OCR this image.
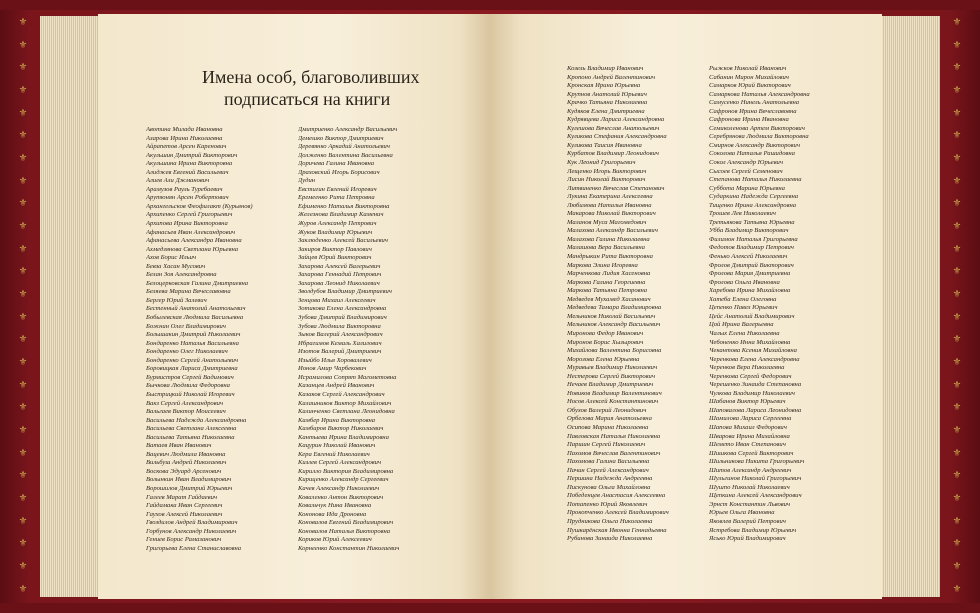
⚜
⚜
⚜
⚜
⚜
⚜
⚜
⚜
⚜
⚜
⚜
⚜
⚜
⚜
⚜
⚜
⚜
⚜
⚜
⚜
⚜
⚜
⚜
⚜
⚜
⚜
⚜
⚜
⚜
⚜
⚜
⚜
⚜
⚜
⚜
⚜
⚜
⚜
⚜
⚜
⚜
⚜
⚜
⚜
⚜
⚜
⚜
⚜
⚜
⚜
⚜
⚜
Имена особ, благоволивших
подписаться на книги
Авотина Милада Ивановна
Азарова Ирина Николаевна
Айрапетов Арсен Каренович
Акульшин Дмитрий Викторович
Акульшина Ирина Викторовна
Алиджев Евгений Васильевич
Алиев Али Джманович
Арамузов Рауль Туребаевич
Арутюнян Арсен Робертович
Архангельсков Феофилакт (Курьянов)
Архипенко Сергей Григорьевич
Архипова Ирина Викторовна
Афанасьев Иван Александрович
Афанасьева Александра Ивановна
Ахмедзянова Светлана Юрьевна
Ахов Борис Ильич
Бевза Хасан Мусович
Белан Зоя Александровна
Белоцерковская Галина Дмитриевна
Беляева Марина Вячеславовна
Бергер Юрий Залевич
Бестенный Анатолий Анатольевич
Бобылевская Людмила Васильевна
Божнин Олег Владимирович
Болышакин Дмитрий Николаевич
Бондаренко Наталья Васильевна
Бондаренко Олег Николаевич
Бондаренко Сергей Анатольевич
Боровицкая Лариса Дмитриевна
Бурмистров Сергей Вадимович
Бычкова Людмила Федоровна
Быстрицкий Николай Игоревич
Вакз Сергей Александрович
Вальгаев Виктор Моисеевич
Васильева Надежда Александровна
Васильева Светлана Алексеевна
Васильева Татьяна Николаевна
Ватаев Иван Иванович
Вацевич Людмила Ивановна
Вильбуш Андрей Николаевич
Воскова Эдуард Арсенович
Волынкин Иван Владимирович
Ворошилов Дмитрий Юрьевич
Галеев Марат Гайдаевич
Гайдамака Иван Сергеевич
Гаухов Алексей Николаевич
Гвоздилов Андрей Владимирович
Горбунов Александр Николаевич
Гениев Борис Рамазанович
Григорьева Елена Станиславовна
Дмитриенко Александр Васильевич
Демешко Виктор Дмитриевич
Деревянко Аркадий Анатольевич
Долженко Валентина Васильевна
Доричева Галина Ивановна
Драховский Игорь Борисович
Дудин
Евстигин Евгений Игоревич
Еремеенко Рита Петровна
Ефименко Наталья Викторовна
Железнова Владимир Каменич
Журов Александр Петрович
Жуков Владимир Юрьевич
Заклюденко Алексей Васильевич
Закиров Виктор Павлович
Зайцев Юрий Викторович
Захарова Алексей Валерьевич
Захарова Геннадий Петрович
Захарова Леонид Николаевич
Зволдубов Владимир Дмитриевич
Зенцова Михаил Алексеевич
Зотикова Елена Александровна
Зубова Дмитрий Владимирович
Зубова Людмила Викторовна
Зыков Валерий Александрович
Ибрагимов Кемаль Халилович
Изотов Валерий Дмитриевич
Изыйбо Илья Хоровалевич
Ионов Амир Чарбекович
Исрамилова Сопрят Магометовна
Казанцев Андрей Иванович
Казаков Сергей Александрович
Калашников Виктор Михайлович
Калинченко Светлана Леонидовна
Камбер Ирина Викторовна
Камбаров Виктор Николаевич
Кантыева Ирина Владимировна
Кацурин Николай Иванович
Кера Евгений Николаевич
Кизлев Сергей Александрович
Кирилло Виктория Владимировна
Кириценко Александр Сергеевич
Качев Александр Николаевич
Коваленко Антон Викторович
Ковальчук Нина Ивановна
Кононова Ида Дроновна
Коновалов Евгений Владимирович
Коновалов Наталья Викторовна
Кориков Юрий Алексеевич
Корнеенко Константин Николаевич
Козель Владимир Иванович
Кропоно Андрей Валентинович
Кронская Ирина Юрьевна
Крупнов Анатолий Юрьевич
Крачко Татьяна Николаевна
Кудяков Елена Дмитриевна
Кудрявцева Лариса Александровна
Кулешова Вячеслав Анатольевич
Куликова Стефания Александровна
Куликова Таисия Ивановна
Курбатов Владимир Леонидович
Кук Леонид Григорьевич
Лещенко Игорь Викторович
Лисин Николай Викторович
Литвиненко Вячеслав Степанович
Лукина Екатерина Алексеевна
Любимова Наталья Ивановна
Макарова Николай Викторович
Маланов Муса Магомедович
Малахова Александр Васильевич
Малахова Галина Николаевна
Малашова Вера Васильевна
Мандрыкин Рита Викторовна
Маркова Элина Игоревна
Марченкова Лидия Хасеновна
Маркова Галина Георгиевна
Маркова Татьяна Петровна
Медведев Мухамед Хасанович
Медведева Тамара Владимировна
Мельников Николай Васильевич
Мельников Александр Васильевич
Миронова Федор Иванович
Миронов Борис Хызырович
Михайлова Валентина Борисовна
Морозова Елена Юрьевна
Муравьев Владимир Николаевич
Нестерова Сергей Викторович
Нечаев Владимир Дмитриевич
Новиков Владимир Валентинович
Носов Алексей Константинович
Обухов Валерий Леонидович
Орбелова Мария Анатольевна
Осипова Марина Николаевна
Павловская Наталья Николаевна
Паршин Сергей Николаевич
Пахомов Вячеслав Валентинович
Пахомова Галина Васильевна
Пачин Сергей Александрович
Першина Надежда Андреевна
Пискунова Ольга Михайловна
Победенцев Анастасия Алексеевна
Потапенко Юрий Яковлевич
Прокопченко Алексей Владимирович
Прудникова Ольга Николаевна
Пушкарёнская Ивонна Геннадьевна
Рубинова Зинаида Николаевна
Рыжков Николай Иванович
Сабанин Мирон Михайлович
Самарков Юрий Викторович
Самаркова Наталья Александровна
Самусенко Нинель Анатольевна
Сафронов Ирина Вячеславовна
Сафронова Ирина Ивановна
Семиколенова Артем Викторович
Серебрянова Людмила Викторовна
Смирнов Александр Викторович
Соколова Наталья Рашидовна
Сокол Александр Юрьевич
Сысоев Сергей Семенович
Степанова Наталья Николаевна
Суббота Марина Юрьевна
Сударкина Надежда Сергеевна
Тищенко Ирина Александровна
Трошев Лев Николаевич
Третьякова Татьяна Юрьевна
Убба Владимир Викторович
Филимон Наталья Григорьевна
Федотов Владимир Петрович
Фенько Алексей Николаевич
Фролов Дмитрий Викторович
Фролова Мария Дмитриевна
Фролова Ольга Ивановна
Харебова Ирина Михайловна
Хатеба Елена Олеговна
Цепенко Павел Юрьевич
Цейс Анатолий Владимирович
Цой Ирина Валерьевна
Чалых Елена Николаевна
Чебоненко Инна Михайловна
Чекантова Ксения Михайловна
Черенкова Елена Александровна
Черенков Вера Николаевна
Черенкова Сергей Федорович
Черешенко Зинаида Степановна
Чулкова Владимир Николаевич
Шабанов Виктор Юрьевич
Шаповалова Лариса Леонидовна
Шамилова Лариса Сергеевна
Шапова Михаил Федорович
Шварова Ирина Михайловна
Шемето Иван Степанович
Шишкова Сергей Викторович
Шильникова Никита Григорьевич
Шитов Александр Андреевич
Шульгинов Николай Григорьевич
Шушпо Николай Николаевич
Щепкина Алексей Александрович
Эрнст Константин Львович
Юрьев Ольга Ивановна
Яковлев Валерий Петрович
Ястребова Владимир Юрьевич
Ясько Юрий Владимирович
